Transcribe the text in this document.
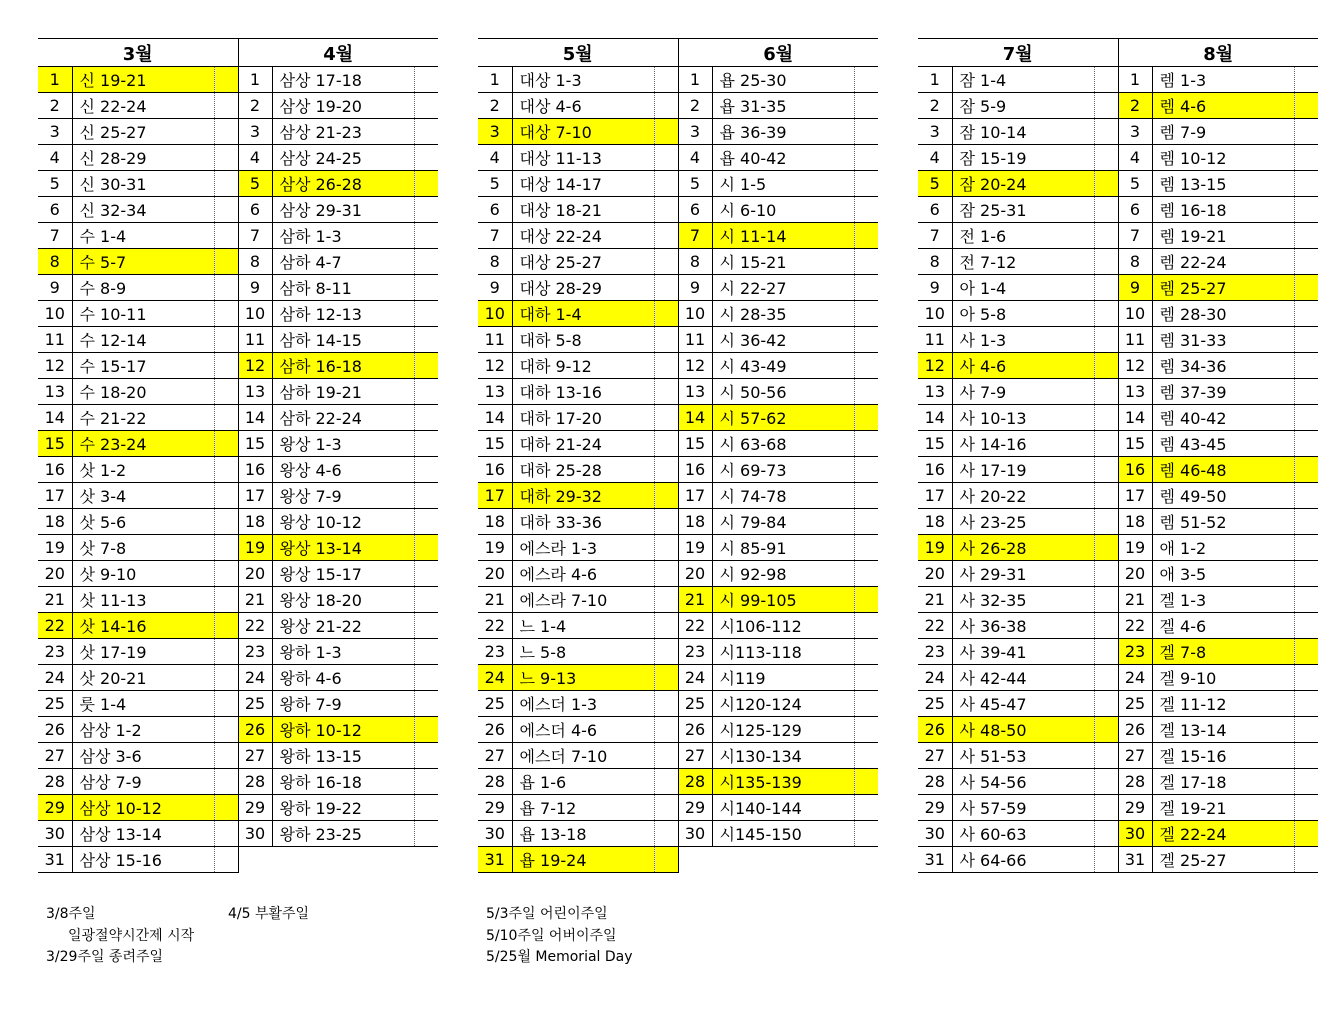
3월			4월		
1	신 19-21		1	삼상 17-18	
2	신 22-24		2	삼상 19-20	
3	신 25-27		3	삼상 21-23	
4	신 28-29		4	삼상 24-25	
5	신 30-31		5	삼상 26-28	
6	신 32-34		6	삼상 29-31	
7	수 1-4		7	삼하 1-3	
8	수 5-7		8	삼하 4-7	
9	수 8-9		9	삼하 8-11	
10	수 10-11		10	삼하 12-13	
11	수 12-14		11	삼하 14-15	
12	수 15-17		12	삼하 16-18	
13	수 18-20		13	삼하 19-21	
14	수 21-22		14	삼하 22-24	
15	수 23-24		15	왕상 1-3	
16	삿 1-2		16	왕상 4-6	
17	삿 3-4		17	왕상 7-9	
18	삿 5-6		18	왕상 10-12	
19	삿 7-8		19	왕상 13-14	
20	삿 9-10		20	왕상 15-17	
21	삿 11-13		21	왕상 18-20	
22	삿 14-16		22	왕상 21-22	
23	삿 17-19		23	왕하 1-3	
24	삿 20-21		24	왕하 4-6	
25	룻 1-4		25	왕하 7-9	
26	삼상 1-2		26	왕하 10-12	
27	삼상 3-6		27	왕하 13-15	
28	삼상 7-9		28	왕하 16-18	
29	삼상 10-12		29	왕하 19-22	
30	삼상 13-14		30	왕하 23-25	
31	삼상 15-16				
5월			6월		
1	대상 1-3		1	욥 25-30	
2	대상 4-6		2	욥 31-35	
3	대상 7-10		3	욥 36-39	
4	대상 11-13		4	욥 40-42	
5	대상 14-17		5	시 1-5	
6	대상 18-21		6	시 6-10	
7	대상 22-24		7	시 11-14	
8	대상 25-27		8	시 15-21	
9	대상 28-29		9	시 22-27	
10	대하 1-4		10	시 28-35	
11	대하 5-8		11	시 36-42	
12	대하 9-12		12	시 43-49	
13	대하 13-16		13	시 50-56	
14	대하 17-20		14	시 57-62	
15	대하 21-24		15	시 63-68	
16	대하 25-28		16	시 69-73	
17	대하 29-32		17	시 74-78	
18	대하 33-36		18	시 79-84	
19	에스라 1-3		19	시 85-91	
20	에스라 4-6		20	시 92-98	
21	에스라 7-10		21	시 99-105	
22	느 1-4		22	시106-112	
23	느 5-8		23	시113-118	
24	느 9-13		24	시119	
25	에스더 1-3		25	시120-124	
26	에스더 4-6		26	시125-129	
27	에스더 7-10		27	시130-134	
28	욥 1-6		28	시135-139	
29	욥 7-12		29	시140-144	
30	욥 13-18		30	시145-150	
31	욥 19-24				
7월			8월		
1	잠 1-4		1	렘 1-3	
2	잠 5-9		2	렘 4-6	
3	잠 10-14		3	렘 7-9	
4	잠 15-19		4	렘 10-12	
5	잠 20-24		5	렘 13-15	
6	잠 25-31		6	렘 16-18	
7	전 1-6		7	렘 19-21	
8	전 7-12		8	렘 22-24	
9	아 1-4		9	렘 25-27	
10	아 5-8		10	렘 28-30	
11	사 1-3		11	렘 31-33	
12	사 4-6		12	렘 34-36	
13	사 7-9		13	렘 37-39	
14	사 10-13		14	렘 40-42	
15	사 14-16		15	렘 43-45	
16	사 17-19		16	렘 46-48	
17	사 20-22		17	렘 49-50	
18	사 23-25		18	렘 51-52	
19	사 26-28		19	애 1-2	
20	사 29-31		20	애 3-5	
21	사 32-35		21	겔 1-3	
22	사 36-38		22	겔 4-6	
23	사 39-41		23	겔 7-8	
24	사 42-44		24	겔 9-10	
25	사 45-47		25	겔 11-12	
26	사 48-50		26	겔 13-14	
27	사 51-53		27	겔 15-16	
28	사 54-56		28	겔 17-18	
29	사 57-59		29	겔 19-21	
30	사 60-63		30	겔 22-24	
31	사 64-66		31	겔 25-27	
3/8주일
일광절약시간제 시작
3/29주일 종려주일
4/5 부활주일	5/3주일 어린이주일
5/10주일 어버이주일
5/25월 Memorial Day
